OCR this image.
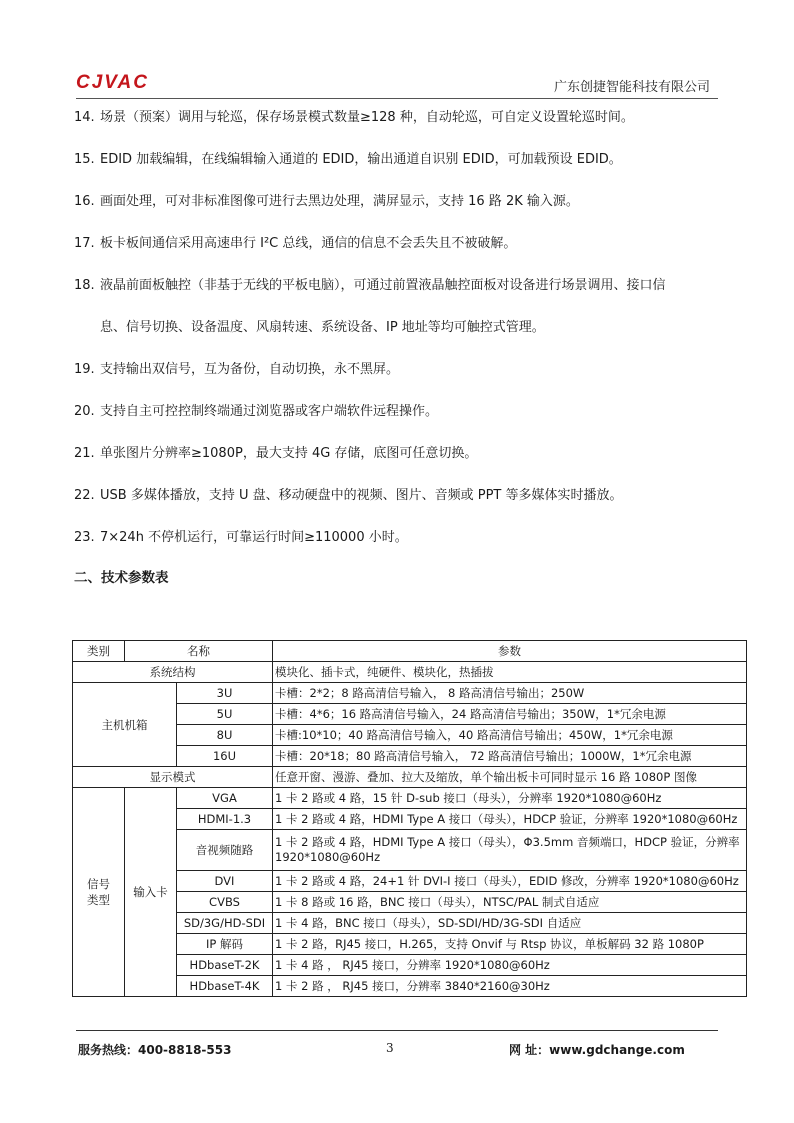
CJVAC	广东创捷智能科技有限公司

14. 场景（预案）调用与轮巡，保存场景模式数量≥128 种，自动轮巡，可自定义设置轮巡时间。

15. EDID 加载编辑，在线编辑输入通道的 EDID，输出通道自识别 EDID，可加载预设 EDID。

16. 画面处理，可对非标准图像可进行去黑边处理，满屏显示，支持 16 路 2K 输入源。

17. 板卡板间通信采用高速串行 I²C 总线，通信的信息不会丢失且不被破解。

18. 液晶前面板触控（非基于无线的平板电脑），可通过前置液晶触控面板对设备进行场景调用、接口信

息、信号切换、设备温度、风扇转速、系统设备、IP 地址等均可触控式管理。

19. 支持输出双信号，互为备份，自动切换，永不黑屏。

20. 支持自主可控控制终端通过浏览器或客户端软件远程操作。

21. 单张图片分辨率≥1080P，最大支持 4G 存储，底图可任意切换。

22. USB 多媒体播放，支持 U 盘、移动硬盘中的视频、图片、音频或 PPT 等多媒体实时播放。

23. 7×24h 不停机运行，可靠运行时间≥110000 小时。

二、技术参数表
类别	名称		参数
系统结构			模块化、插卡式，纯硬件、模块化，热插拔
主机机箱		3U	卡槽：2*2；8 路高清信号输入， 8 路高清信号输出；250W
		5U	卡槽：4*6；16 路高清信号输入，24 路高清信号输出；350W，1*冗余电源
		8U	卡槽:10*10；40 路高清信号输入，40 路高清信号输出；450W，1*冗余电源
		16U	卡槽：20*18；80 路高清信号输入， 72 路高清信号输出；1000W，1*冗余电源
显示模式			任意开窗、漫游、叠加、拉大及缩放，单个输出板卡可同时显示 16 路 1080P 图像

信号
类型	输入卡	VGA	1 卡 2 路或 4 路，15 针 D-sub 接口（母头），分辨率 1920*1080@60Hz
		HDMI-1.3	1 卡 2 路或 4 路，HDMI Type A 接口（母头），HDCP 验证，分辨率 1920*1080@60Hz
		音视频随路	1 卡 2 路或 4 路，HDMI Type A 接口（母头），Φ3.5mm 音频端口，HDCP 验证，分辨率 1920*1080@60Hz
		DVI	1 卡 2 路或 4 路，24+1 针 DVI-I 接口（母头），EDID 修改，分辨率 1920*1080@60Hz
		CVBS	1 卡 8 路或 16 路，BNC 接口（母头），NTSC/PAL 制式自适应
		SD/3G/HD-SDI	1 卡 4 路，BNC 接口（母头），SD-SDI/HD/3G-SDI 自适应
		IP 解码	1 卡 2 路，RJ45 接口，H.265，支持 Onvif 与 Rtsp 协议，单板解码 32 路 1080P
		HDbaseT-2K	1 卡 4 路 ， RJ45 接口，分辨率 1920*1080@60Hz
		HDbaseT-4K	1 卡 2 路 ， RJ45 接口，分辨率 3840*2160@30Hz
服务热线：400-8818-553	3	网 址：www.gdchange.com
